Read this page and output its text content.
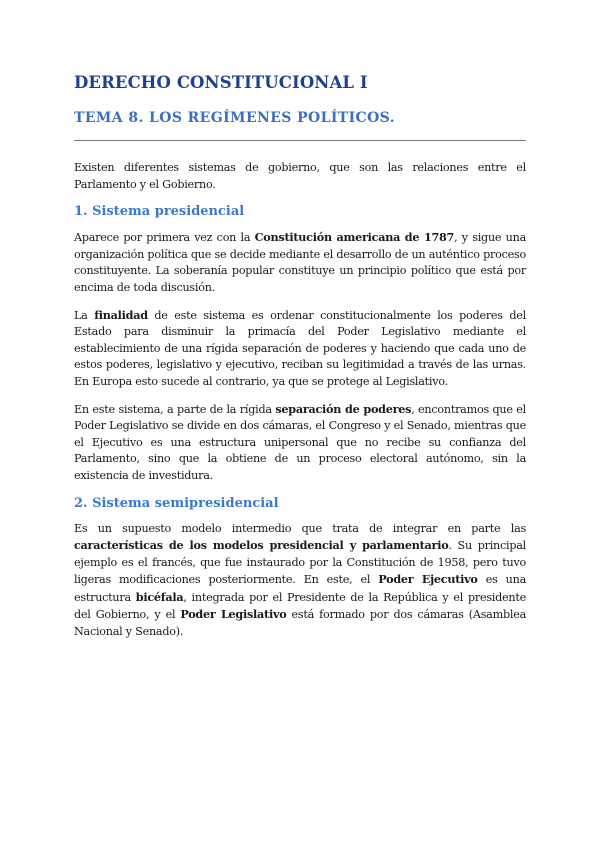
DERECHO CONSTITUCIONAL I
TEMA 8. LOS REGÍMENES POLÍTICOS.

Existen diferentes sistemas de gobierno, que son las relaciones entre el Parlamento y el Gobierno.

1. Sistema presidencial

Aparece por primera vez con la Constitución americana de 1787, y sigue una organización política que se decide mediante el desarrollo de un auténtico proceso constituyente. La soberanía popular constituye un principio político que está por encima de toda discusión.

La finalidad de este sistema es ordenar constitucionalmente los poderes del Estado para disminuir la primacía del Poder Legislativo mediante el establecimiento de una rígida separación de poderes y haciendo que cada uno de estos poderes, legislativo y ejecutivo, reciban su legitimidad a través de las urnas. En Europa esto sucede al contrario, ya que se protege al Legislativo.

En este sistema, a parte de la rígida separación de poderes, encontramos que el Poder Legislativo se divide en dos cámaras, el Congreso y el Senado, mientras que el Ejecutivo es una estructura unipersonal que no recibe su confianza del Parlamento, sino que la obtiene de un proceso electoral autónomo, sin la existencia de investidura.

2. Sistema semipresidencial

Es un supuesto modelo intermedio que trata de integrar en parte las características de los modelos presidencial y parlamentario. Su principal ejemplo es el francés, que fue instaurado por la Constitución de 1958, pero tuvo ligeras modificaciones posteriormente. En este, el Poder Ejecutivo es una estructura bicéfala, integrada por el Presidente de la República y el presidente del Gobierno, y el Poder Legislativo está formado por dos cámaras (Asamblea Nacional y Senado).
